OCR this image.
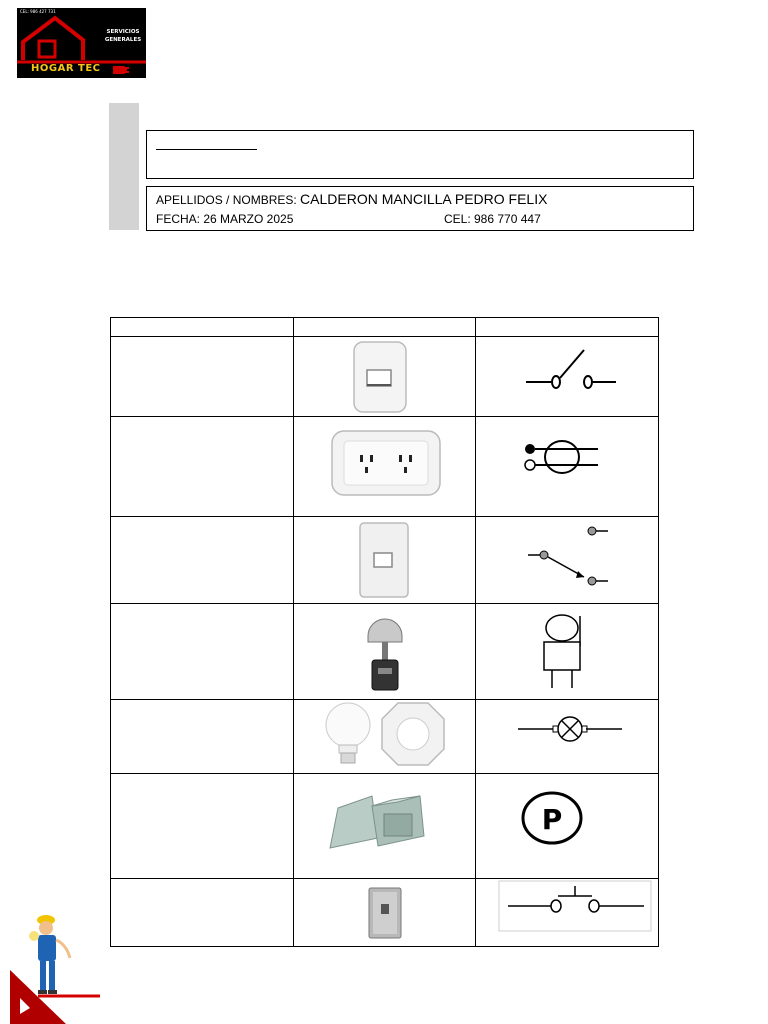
CEL: 986 427 731
SERVICIOS GENERALES
HOGAR TEC
APELLIDOS / NOMBRES: CALDERON MANCILLA PEDRO FELIX
FECHA: 26 MARZO 2025	CEL: 986 770 447

P
